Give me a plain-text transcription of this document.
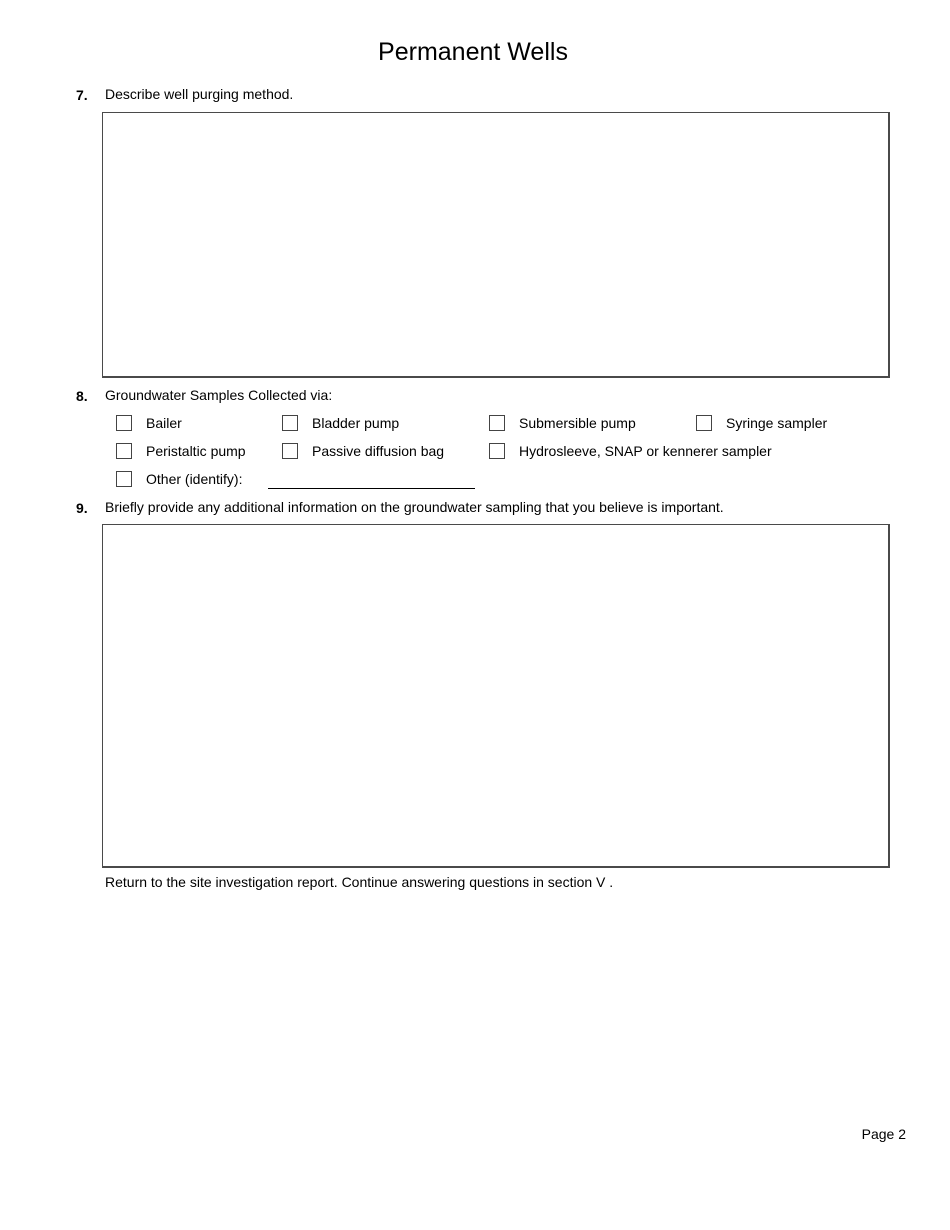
Permanent Wells
7. Describe well purging method.
8. Groundwater Samples Collected via:
Bailer	Bladder pump	Submersible pump	Syringe sampler
Peristaltic pump	Passive diffusion bag	Hydrosleeve, SNAP or kennerer sampler
Other (identify):
9. Briefly provide any additional information on the groundwater sampling that you believe is important.
Return to the site investigation report. Continue answering questions in section V .
Page 2
